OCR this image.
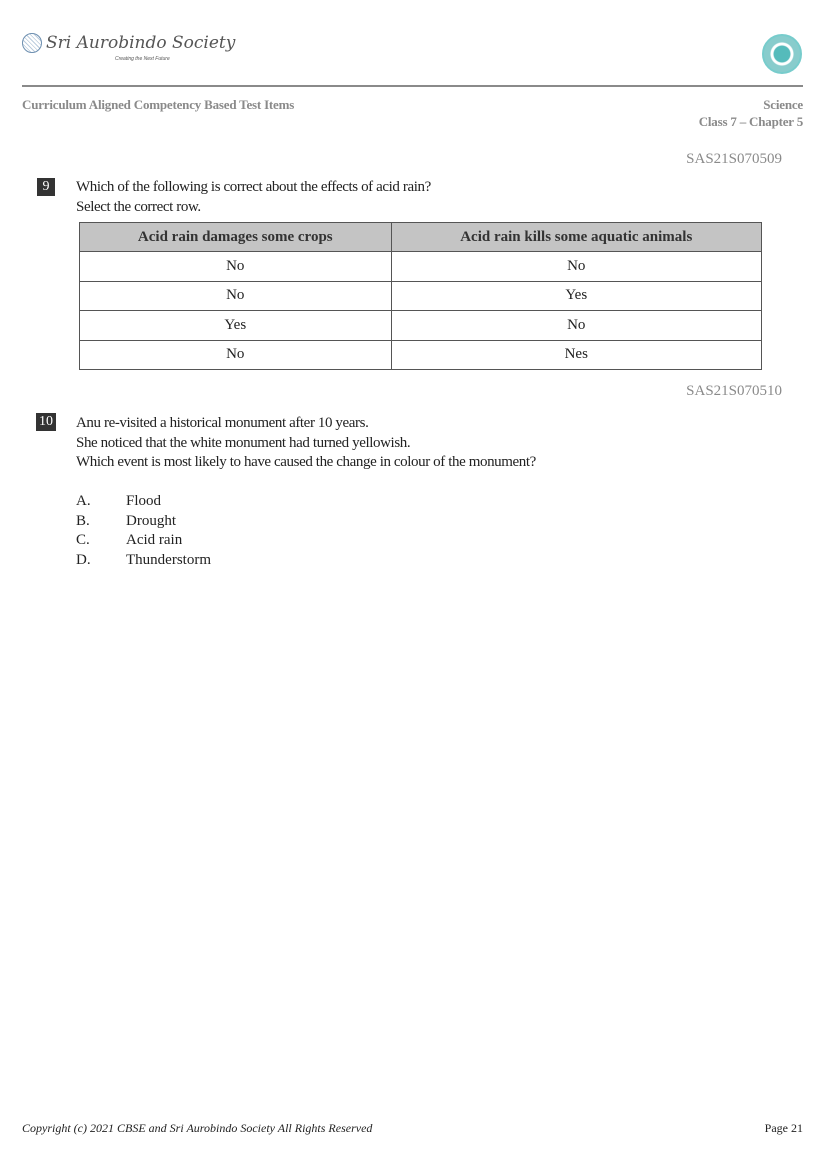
Sri Aurobindo Society
Creating the Next Future
Curriculum Aligned Competency Based Test Items	Science
Class 7 – Chapter 5
SAS21S070509
9	Which of the following is correct about the effects of acid rain?
Select the correct row.
Acid rain damages some crops	Acid rain kills some aquatic animals
No	No
No	Yes
Yes	No
No	Nes
SAS21S070510
10 Anu re-visited a historical monument after 10 years.
She noticed that the white monument had turned yellowish.
Which event is most likely to have caused the change in colour of the monument?
A. Flood
B. Drought
C. Acid rain
D. Thunderstorm
Copyright (c) 2021 CBSE and Sri Aurobindo Society All Rights Reserved	Page 21
